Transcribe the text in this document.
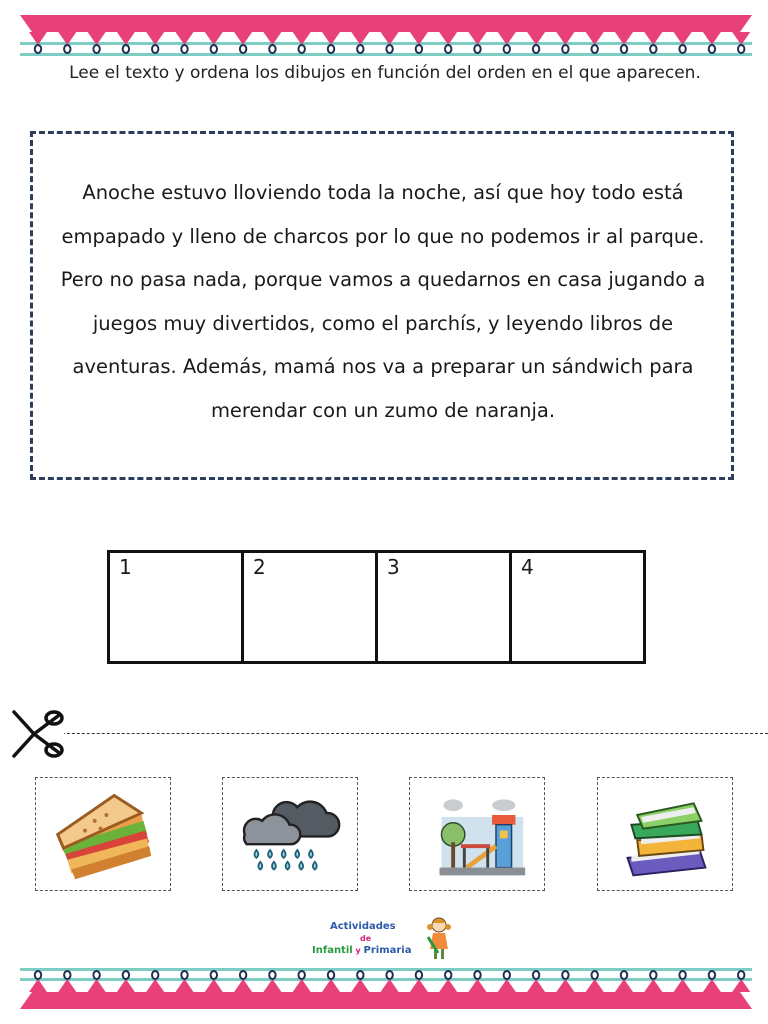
Lee el texto y ordena los dibujos en función del orden en el que aparecen.
Anoche estuvo lloviendo toda la noche, así que hoy todo está empapado y lleno de charcos por lo que no podemos ir al parque. Pero no pasa nada, porque vamos a quedarnos en casa jugando a juegos muy divertidos, como el parchís, y leyendo libros de aventuras. Además, mamá nos va a preparar un sándwich para merendar con un zumo de naranja.
1	2	3	4
Actividades
de
Infantil y Primaria
